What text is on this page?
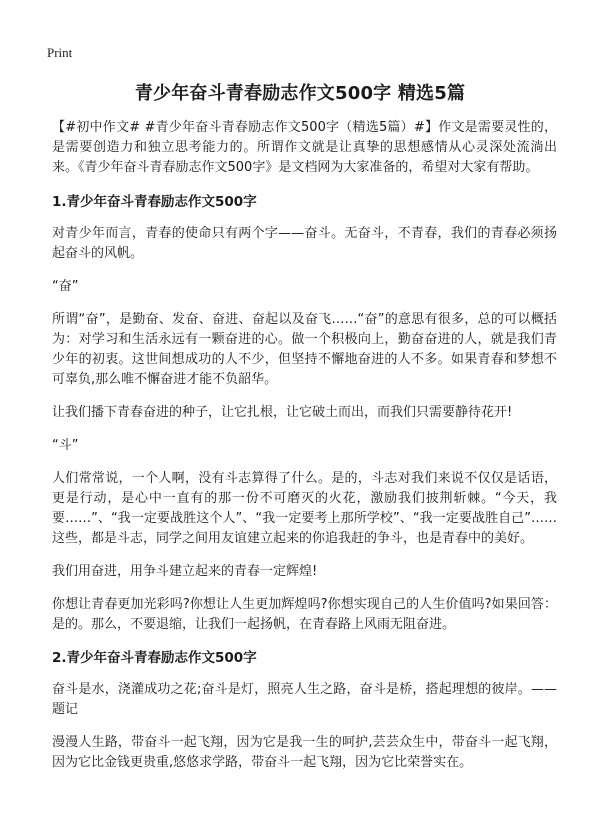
Print
青少年奋斗青春励志作文500字 精选5篇

【#初中作文# #青少年奋斗青春励志作文500字（精选5篇）#】作文是需要灵性的，是需要创造力和独立思考能力的。所谓作文就是让真挚的思想感情从心灵深处流淌出来。《青少年奋斗青春励志作文500字》是文档网为大家准备的，希望对大家有帮助。

1.青少年奋斗青春励志作文500字

对青少年而言，青春的使命只有两个字——奋斗。无奋斗，不青春，我们的青春必须扬起奋斗的风帆。

“奋”

所谓“奋”，是勤奋、发奋、奋进、奋起以及奋飞……“奋”的意思有很多，总的可以概括为：对学习和生活永远有一颗奋进的心。做一个积极向上，勤奋奋进的人，就是我们青少年的初衷。这世间想成功的人不少，但坚持不懈地奋进的人不多。如果青春和梦想不可辜负,那么唯不懈奋进才能不负韶华。

让我们播下青春奋进的种子，让它扎根，让它破土而出，而我们只需要静待花开!

“斗”

人们常常说，一个人啊，没有斗志算得了什么。是的，斗志对我们来说不仅仅是话语，更是行动，是心中一直有的那一份不可磨灭的火花，激励我们披荆斩棘。“今天，我要……”、“我一定要战胜这个人”、“我一定要考上那所学校”、“我一定要战胜自己”……这些，都是斗志，同学之间用友谊建立起来的你追我赶的争斗，也是青春中的美好。

我们用奋进，用争斗建立起来的青春一定辉煌!

你想让青春更加光彩吗?你想让人生更加辉煌吗?你想实现自己的人生价值吗?如果回答：是的。那么，不要退缩，让我们一起扬帆，在青春路上风雨无阻奋进。

2.青少年奋斗青春励志作文500字

奋斗是水，浇灌成功之花;奋斗是灯，照亮人生之路，奋斗是桥，搭起理想的彼岸。——题记

漫漫人生路，带奋斗一起飞翔，因为它是我一生的呵护,芸芸众生中，带奋斗一起飞翔，因为它比金钱更贵重,悠悠求学路，带奋斗一起飞翔，因为它比荣誉实在。
